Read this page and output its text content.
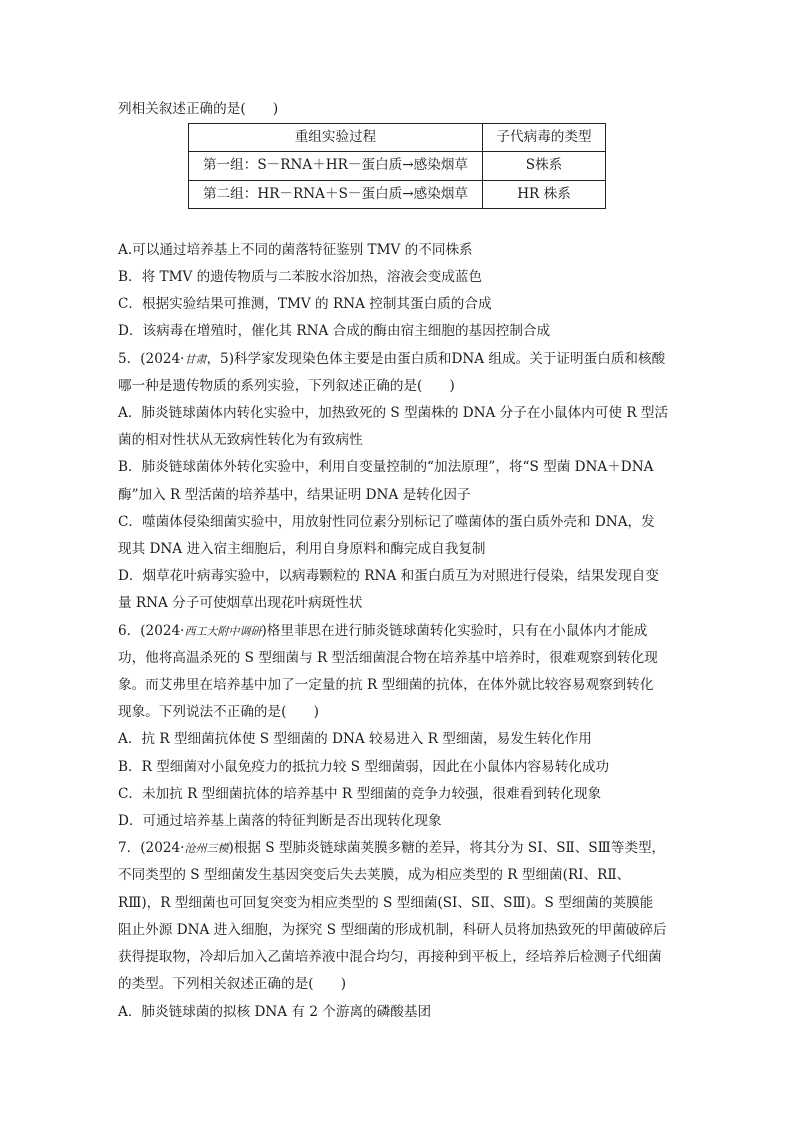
列相关叙述正确的是(　　)
重组实验过程	子代病毒的类型
第一组：S－RNA＋HR－蛋白质→感染烟草	S株系
第二组：HR－RNA＋S－蛋白质→感染烟草	HR 株系
A.可以通过培养基上不同的菌落特征鉴别 TMV 的不同株系
B．将 TMV 的遗传物质与二苯胺水浴加热，溶液会变成蓝色
C．根据实验结果可推测，TMV 的 RNA 控制其蛋白质的合成
D．该病毒在增殖时，催化其 RNA 合成的酶由宿主细胞的基因控制合成
5．(2024·甘肃，5)科学家发现染色体主要是由蛋白质和DNA 组成。关于证明蛋白质和核酸
哪一种是遗传物质的系列实验，下列叙述正确的是(　　)
A．肺炎链球菌体内转化实验中，加热致死的 S 型菌株的 DNA 分子在小鼠体内可使 R 型活
菌的相对性状从无致病性转化为有致病性
B．肺炎链球菌体外转化实验中，利用自变量控制的“加法原理”，将“S 型菌 DNA＋DNA
酶”加入 R 型活菌的培养基中，结果证明 DNA 是转化因子
C．噬菌体侵染细菌实验中，用放射性同位素分别标记了噬菌体的蛋白质外壳和 DNA，发
现其 DNA 进入宿主细胞后，利用自身原料和酶完成自我复制
D．烟草花叶病毒实验中，以病毒颗粒的 RNA 和蛋白质互为对照进行侵染，结果发现自变
量 RNA 分子可使烟草出现花叶病斑性状
6．(2024·西工大附中调研)格里菲思在进行肺炎链球菌转化实验时，只有在小鼠体内才能成
功，他将高温杀死的 S 型细菌与 R 型活细菌混合物在培养基中培养时，很难观察到转化现
象。而艾弗里在培养基中加了一定量的抗 R 型细菌的抗体，在体外就比较容易观察到转化
现象。下列说法不正确的是(　　)
A．抗 R 型细菌抗体使 S 型细菌的 DNA 较易进入 R 型细菌，易发生转化作用
B．R 型细菌对小鼠免疫力的抵抗力较 S 型细菌弱，因此在小鼠体内容易转化成功
C．未加抗 R 型细菌抗体的培养基中 R 型细菌的竞争力较强，很难看到转化现象
D．可通过培养基上菌落的特征判断是否出现转化现象
7．(2024·沧州三模)根据 S 型肺炎链球菌荚膜多糖的差异，将其分为 SⅠ、SⅡ、SⅢ等类型，
不同类型的 S 型细菌发生基因突变后失去荚膜，成为相应类型的 R 型细菌(RⅠ、RⅡ、
RⅢ)，R 型细菌也可回复突变为相应类型的 S 型细菌(SⅠ、SⅡ、SⅢ)。S 型细菌的荚膜能
阻止外源 DNA 进入细胞，为探究 S 型细菌的形成机制，科研人员将加热致死的甲菌破碎后
获得提取物，冷却后加入乙菌培养液中混合均匀，再接种到平板上，经培养后检测子代细菌
的类型。下列相关叙述正确的是(　　)
A．肺炎链球菌的拟核 DNA 有 2 个游离的磷酸基团
